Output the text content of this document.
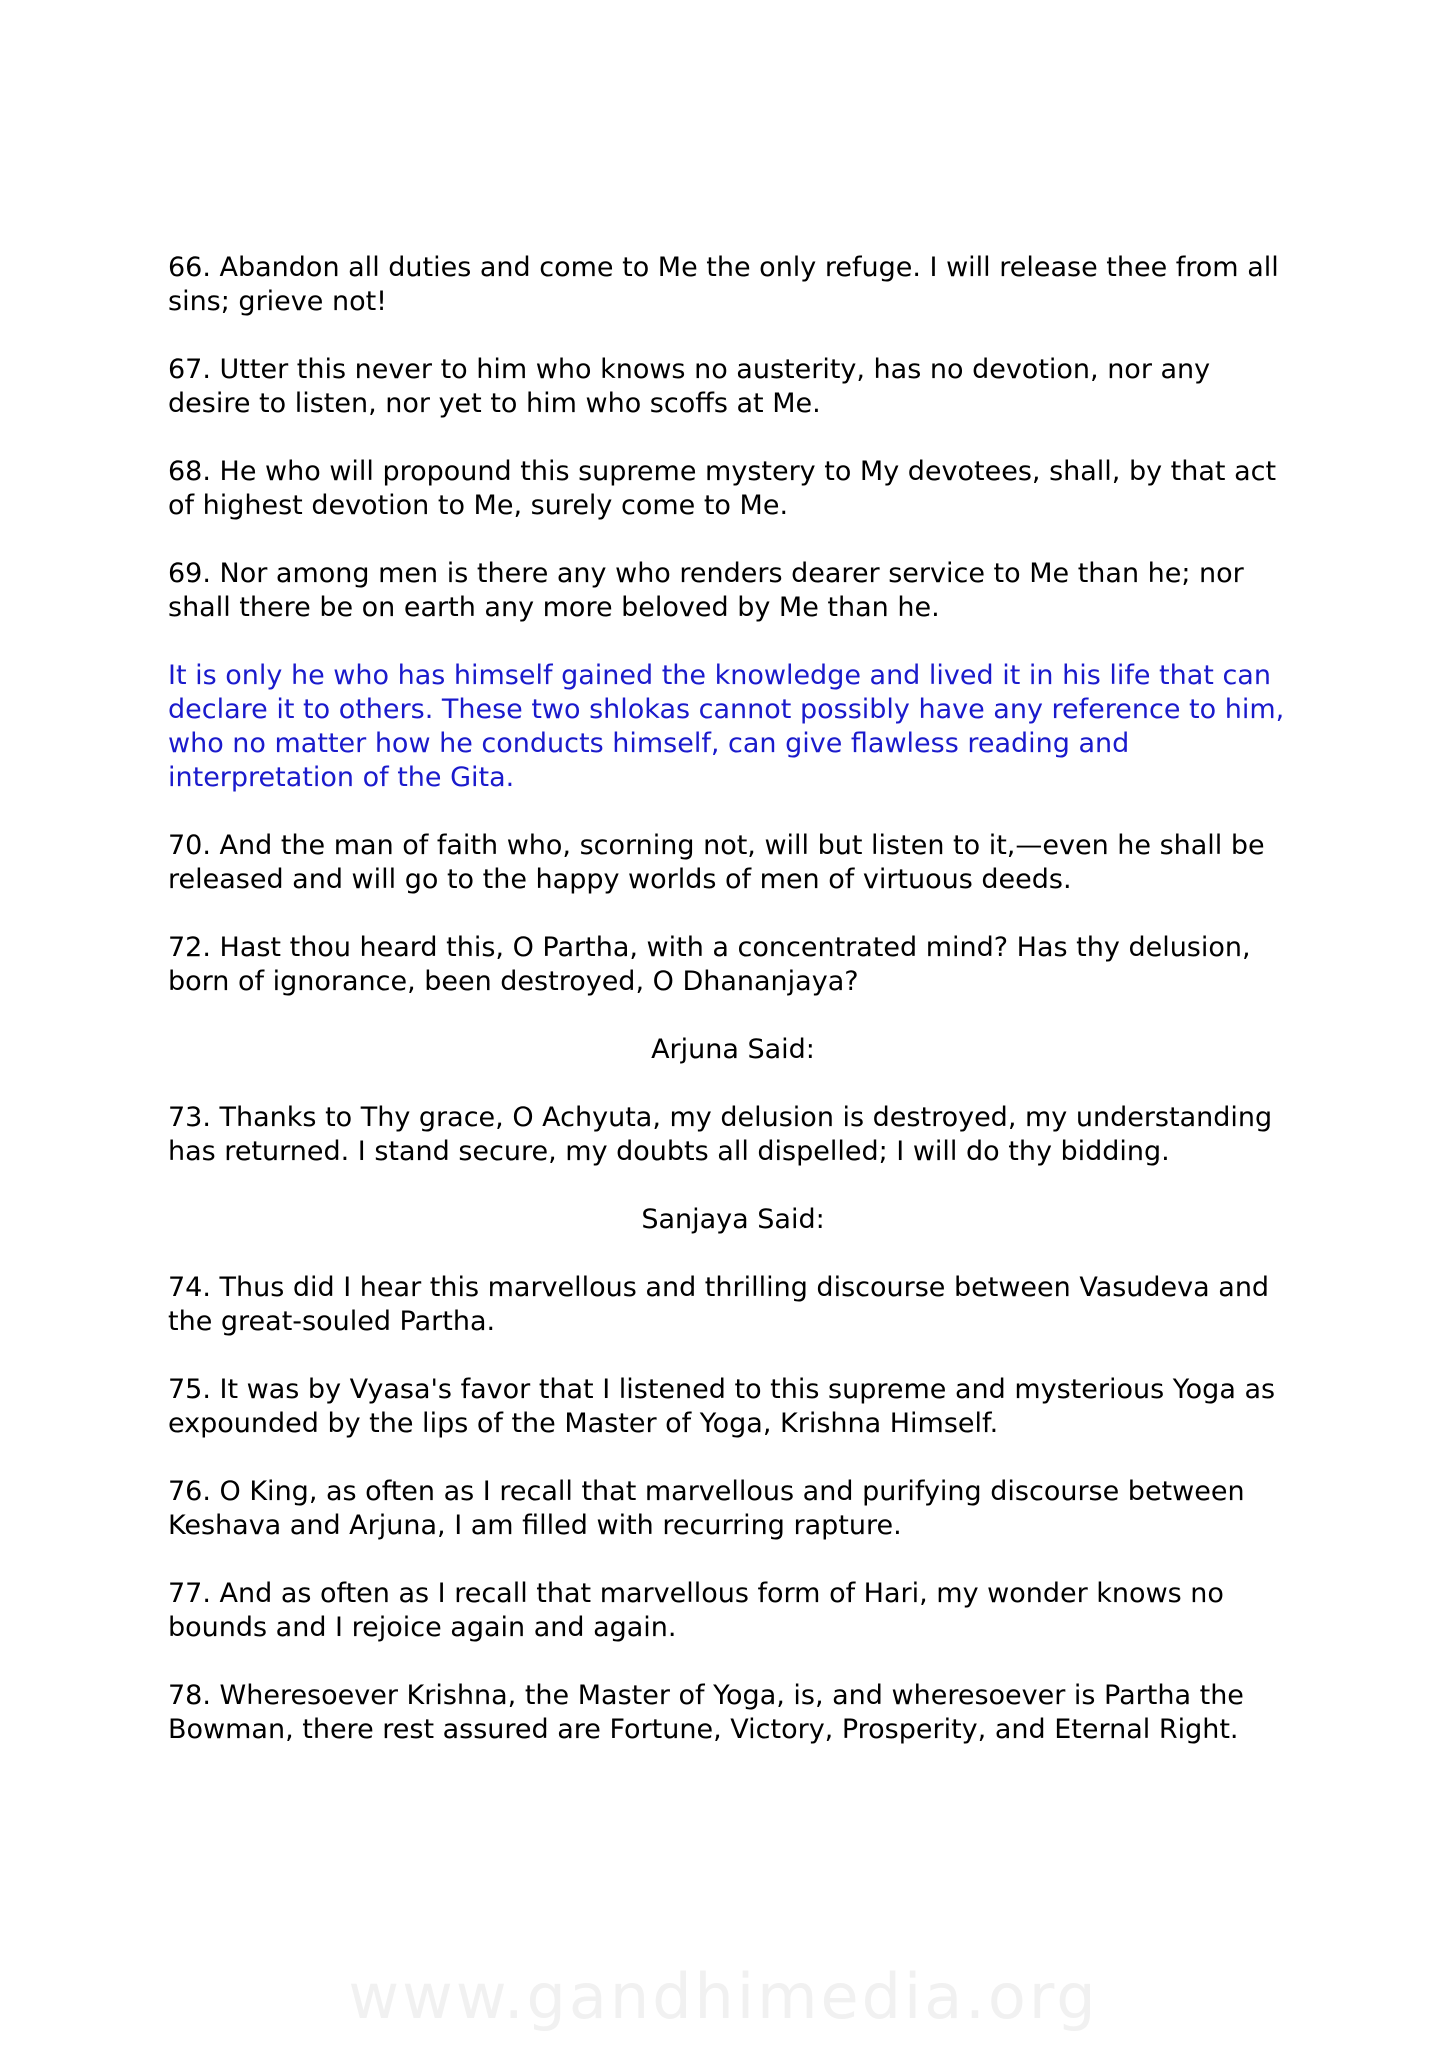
66. Abandon all duties and come to Me the only refuge. I will release thee from all sins; grieve not!

67. Utter this never to him who knows no austerity, has no devotion, nor any desire to listen, nor yet to him who scoffs at Me.

68. He who will propound this supreme mystery to My devotees, shall, by that act of highest devotion to Me, surely come to Me.

69. Nor among men is there any who renders dearer service to Me than he; nor shall there be on earth any more beloved by Me than he.

It is only he who has himself gained the knowledge and lived it in his life that can declare it to others. These two shlokas cannot possibly have any reference to him, who no matter how he conducts himself, can give flawless reading and interpretation of the Gita.

70. And the man of faith who, scorning not, will but listen to it,—even he shall be released and will go to the happy worlds of men of virtuous deeds.

72. Hast thou heard this, O Partha, with a concentrated mind? Has thy delusion, born of ignorance, been destroyed, O Dhananjaya?

Arjuna Said:

73. Thanks to Thy grace, O Achyuta, my delusion is destroyed, my understanding has returned. I stand secure, my doubts all dispelled; I will do thy bidding.

Sanjaya Said:

74. Thus did I hear this marvellous and thrilling discourse between Vasudeva and the great-souled Partha.

75. It was by Vyasa's favor that I listened to this supreme and mysterious Yoga as expounded by the lips of the Master of Yoga, Krishna Himself.

76. O King, as often as I recall that marvellous and purifying discourse between Keshava and Arjuna, I am filled with recurring rapture.

77. And as often as I recall that marvellous form of Hari, my wonder knows no bounds and I rejoice again and again.

78. Wheresoever Krishna, the Master of Yoga, is, and wheresoever is Partha the Bowman, there rest assured are Fortune, Victory, Prosperity, and Eternal Right.

www.gandhimedia.org
